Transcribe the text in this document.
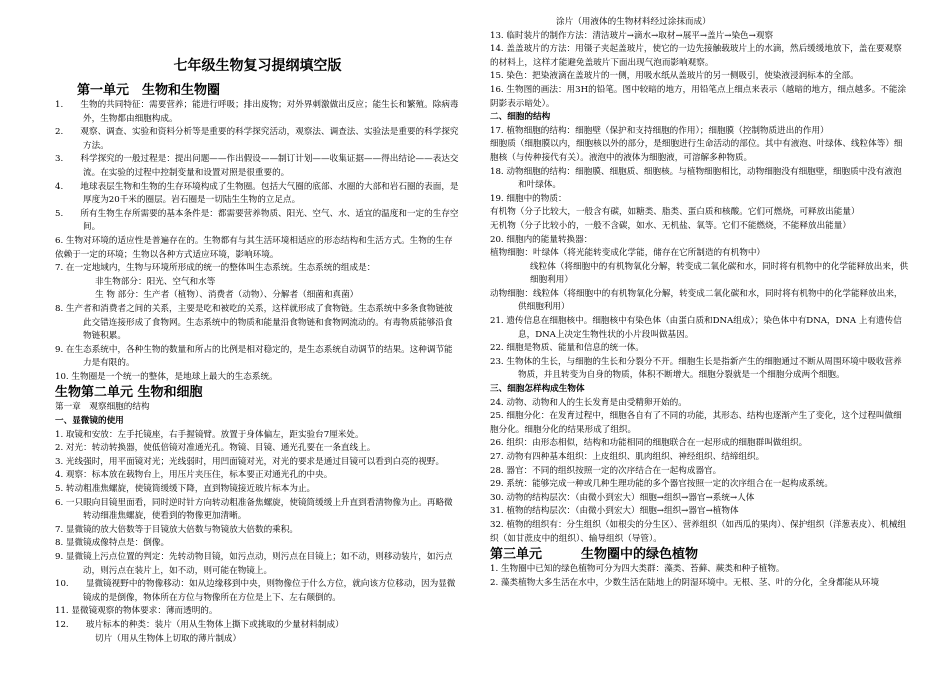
七年级生物复习提纲填空版
第一单元　生物和生物圈
1.　　生物的共同特征：需要营养；能进行呼吸；排出废物；对外界刺激做出反应；能生长和繁殖。除病毒外，生物都由细胞构成。
2.　　观察、调查、实验和资料分析等是重要的科学探究活动，观察法、调查法、实验法是重要的科学探究方法。
3.　　科学探究的一般过程是：提出问题——作出假设——制订计划——收集证据——得出结论——表达交流。在实验的过程中控制变量和设置对照是很重要的。
4.　　地球表层生物和生物的生存环境构成了生物圈。包括大气圈的底部、水圈的大部和岩石圈的表面，是厚度为20千米的圈层。岩石圈是一切陆生生物的立足点。
5.　　所有生物生存所需要的基本条件是：都需要营养物质、阳光、空气、水、适宜的温度和一定的生存空间。
6. 生物对环境的适应性是普遍存在的。生物都有与其生活环境相适应的形态结构和生活方式。生物的生存依赖于一定的环境；生物以各种方式适应环境，影响环境。
7. 在一定地域内，生物与环境所形成的统一的整体叫生态系统。生态系统的组成是：
非生物部分：阳光、空气和水等
生 物 部分：生产者（植物）、消费者（动物）、分解者（细菌和真菌）
8. 生产者和消费者之间的关系，主要是吃和被吃的关系，这样就形成了食物链。生态系统中多条食物链彼此交错连接形成了食物网。生态系统中的物质和能量沿食物链和食物网流动的。有毒物质能够沿食物链积累。
9. 在生态系统中，各种生物的数量和所占的比例是相对稳定的，是生态系统自动调节的结果。这种调节能力是有限的。
10. 生物圈是一个统一的整体，是地球上最大的生态系统。
生物第二单元 生物和细胞
第一章　观察细胞的结构
一、显微镜的使用
1. 取镜和安放：左手托镜座，右手握镜臂。放置于身体偏左，距实验台7厘米处。
2. 对光：转动转换器，使低倍镜对准通光孔。物镜、目镜、通光孔要在一条直线上。
3. 光线强时，用平面镜对光；光线弱时，用凹面镜对光，对光的要求是通过目镜可以看到白亮的视野。
4. 观察：标本放在载物台上，用压片夹压住，标本要正对通光孔的中央。
5. 转动粗准焦螺旋，使镜筒缓缓下降，直到物镜接近玻片标本为止。
6. 一只眼向目镜里面看，同时逆时针方向转动粗准备焦螺旋，使镜筒缓缓上升直到看清物像为止。再略微转动细准焦螺旋，使看到的物像更加清晰。
7. 显微镜的放大倍数等于目镜放大倍数与物镜放大倍数的乘积。
8. 显微镜成像特点是：倒像。
9. 显微镜上污点位置的判定：先转动物目镜，如污点动，则污点在目镜上；如不动，则移动装片，如污点动，则污点在装片上，如不动，则可能在物镜上。
10.　　显微镜视野中的物像移动：如从边缘移到中央，则物像位于什么方位，就向该方位移动，因为显微镜成的是倒像，物体所在方位与物像所在方位是上下、左右颠倒的。
11. 显微镜观察的物体要求：薄而透明的。
12.　　玻片标本的种类：装片（用从生物体上撕下或挑取的少量材料制成）
切片（用从生物体上切取的薄片制成）
涂片（用液体的生物材料经过涂抹而成）
13. 临时装片的制作方法：清洁玻片→滴水→取材→展平→盖片→染色→观察
14. 盖盖玻片的方法：用镊子夹起盖玻片，使它的一边先接触载玻片上的水滴，然后缓缓地放下，盖在要观察的材料上，这样才能避免盖玻片下面出现气泡而影响观察。
15. 染色：把染液滴在盖玻片的一侧，用吸水纸从盖玻片的另一侧吸引，使染液浸润标本的全部。
16. 生物图的画法：用3H的铅笔。图中较暗的地方，用铅笔点上细点来表示（越暗的地方，细点越多。不能涂阴影表示暗处）。
二、细胞的结构
17. 植物细胞的结构：细胞壁（保护和支持细胞的作用）；细胞膜（控制物质进出的作用）
细胞质（细胞膜以内，细胞核以外的部分，是细胞进行生命活动的部位。其中有液泡、叶绿体、线粒体等）细胞核（与传种接代有关）。液泡中的液体为细胞液，可溶解多种物质。
18. 动物细胞的结构：细胞膜、细胞质、细胞核。与植物细胞相比，动物细胞没有细胞壁，细胞质中没有液泡和叶绿体。
19. 细胞中的物质：
有机物（分子比较大，一般含有碳，如糖类、脂类、蛋白质和核酸。它们可燃烧，可释放出能量）
无机物（分子比较小的，一般不含碳，如水、无机盐、氧等。它们不能燃烧，不能释放出能量）
20. 细胞内的能量转换器：
植物细胞：叶绿体（将光能转变成化学能，储存在它所制造的有机物中）
线粒体（将细胞中的有机物氧化分解，转变成二氧化碳和水，同时将有机物中的化学能释放出来，供细胞利用）
动物细胞：线粒体（将细胞中的有机物氧化分解，转变成二氧化碳和水，同时将有机物中的化学能释放出来，供细胞利用）
21. 遗传信息在细胞核中。细胞核中有染色体（由蛋白质和DNA组成）；染色体中有DNA，DNA 上有遗传信息，DNA上决定生物性状的小片段叫做基因。
22. 细胞是物质、能量和信息的统一体。
23. 生物体的生长，与细胞的生长和分裂分不开。细胞生长是指新产生的细胞通过不断从周围环境中吸收营养物质，并且转变为自身的物质，体积不断增大。细胞分裂就是一个细胞分成两个细胞。
三、细胞怎样构成生物体
24. 动物、动物和人的生长发育是由受精卵开始的。
25. 细胞分化：在发育过程中，细胞各自有了不同的功能，其形态、结构也逐渐产生了变化，这个过程叫做细胞分化。细胞分化的结果形成了组织。
26. 组织：由形态相似，结构和功能相同的细胞联合在一起形成的细胞群叫做组织。
27. 动物有四种基本组织：上皮组织、肌肉组织、神经组织、结缔组织。
28. 器官：不同的组织按照一定的次序结合在一起构成器官。
29. 系统：能够完成一种或几种生理功能的多个器官按照一定的次序组合在一起构成系统。
30. 动物的结构层次：（由微小到宏大）细胞→组织→器官→系统→人体
31. 植物的结构层次：（由微小到宏大）细胞→组织→器官→植物体
32. 植物的组织有：分生组织（如根尖的分生区）、营养组织（如西瓜的果肉）、保护组织（洋葱表皮）、机械组织（如甘蔗皮中的组织）、输导组织（导管）。
第三单元　　　生物圈中的绿色植物
1. 生物圈中已知的绿色植物可分为四大类群：藻类、苔藓、蕨类和种子植物。
2. 藻类植物大多生活在水中，少数生活在陆地上的阴湿环境中。无根、茎、叶的分化，全身都能从环境
